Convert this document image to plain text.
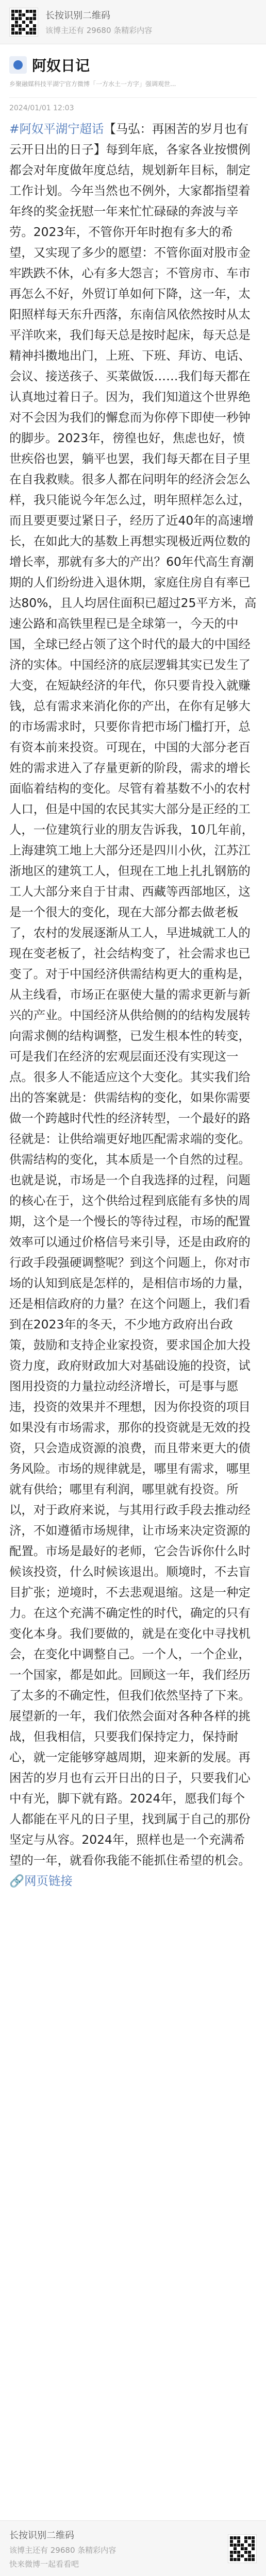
长按识别二维码
该博主还有 29680 条精彩内容
阿奴日记
乡聚融媒科技平湖宁官方微博「一方水土一方字」强调观世...
2024/01/01 12:03

#阿奴平湖宁超话【马弘：再困苦的岁月也有云开日出的日子】每到年底，各家各业按惯例都会对年度做年度总结，规划新年目标，制定工作计划。今年当然也不例外，大家都指望着年终的奖金抚慰一年来忙忙碌碌的奔波与辛劳。2023年，不管你开年时抱有多大的希望，又实现了多少的愿望：不管你面对股市金牢跌跌不休，心有多大怨言；不管房市、车市再怎么不好，外贸订单如何下降，这一年，太阳照样每天东升西落，东南信风依然按时从太平洋吹来，我们每天总是按时起床，每天总是精神抖擞地出门，上班、下班、拜访、电话、会议、接送孩子、买菜做饭……我们每天都在认真地过着日子。因为，我们知道这个世界绝对不会因为我们的懈怠而为你停下即使一秒钟的脚步。2023年，徬徨也好，焦虑也好，愤世疾俗也罢，躺平也罢，我们每天都在目子里在自我救赎。很多人都在问明年的经济会怎么样，我只能说今年怎么过，明年照样怎么过，而且要更要过紧日子，经历了近40年的高速增长，在如此大的基数上再想实现极近两位数的增长率，那就有多大的产出？60年代高生育潮期的人们纷纷进入退休期，家庭住房自有率已达80%，且人均居住面积已超过25平方米，高速公路和高铁里程已是全球第一，今天的中国，全球已经占领了这个时代的最大的中国经济的实体。中国经济的底层逻辑其实已发生了大变，在短缺经济的年代，你只要肯投入就赚钱，总有需求来消化你的产出，在你有足够大的市场需求时，只要你肯把市场门槛打开，总有资本前来投资。可现在，中国的大部分老百姓的需求进入了存量更新的阶段，需求的增长面临着结构的变化。尽管有着基数不小的农村人口，但是中国的农民其实大部分是正经的工人，一位建筑行业的朋友告诉我，10几年前，上海建筑工地上大部分还是四川小伙，江苏江浙地区的建筑工人，但现在工地上扎扎钢筋的工人大部分来自于甘肃、西藏等西部地区，这是一个很大的变化，现在大部分都去做老板了，农村的发展逐渐从工人，早进城就工人的现在变老板了，社会结构变了，社会需求也已变了。对于中国经济供需结构更大的重构是，从主线看，市场正在驱使大量的需求更新与新兴的产业。中国经济从供给侧的的结构发展转向需求侧的结构调整，已发生根本性的转变，可是我们在经济的宏观层面还没有实现这一点。很多人不能适应这个大变化。其实我们给出的答案就是：供需结构的变化，如果你需要做一个跨越时代性的经济转型，一个最好的路径就是：让供给端更好地匹配需求端的变化。供需结构的变化，其本质是一个自然的过程。也就是说，市场是一个自我选择的过程，问题的核心在于，这个供给过程到底能有多快的周期，这个是一个慢长的等待过程，市场的配置效率可以通过价格信号来引导，还是由政府的行政手段强硬调整呢？到这个问题上，你对市场的认知到底是怎样的，是相信市场的力量，还是相信政府的力量？在这个问题上，我们看到在2023年的冬天，不少地方政府出台政策，鼓励和支持企业家投资，要求国企加大投资力度，政府财政加大对基础设施的投资，试图用投资的力量拉动经济增长，可是事与愿违，投资的效果并不理想，因为你投资的项目如果没有市场需求，那你的投资就是无效的投资，只会造成资源的浪费，而且带来更大的债务风险。市场的规律就是，哪里有需求，哪里就有供给；哪里有利润，哪里就有投资。所以，对于政府来说，与其用行政手段去推动经济，不如遵循市场规律，让市场来决定资源的配置。市场是最好的老师，它会告诉你什么时候该投资，什么时候该退出。顺境时，不去盲目扩张；逆境时，不去悲观退缩。这是一种定力。在这个充满不确定性的时代，确定的只有变化本身。我们要做的，就是在变化中寻找机会，在变化中调整自己。一个人，一个企业，一个国家，都是如此。回顾这一年，我们经历了太多的不确定性，但我们依然坚持了下来。展望新的一年，我们依然会面对各种各样的挑战，但我相信，只要我们保持定力，保持耐心，就一定能够穿越周期，迎来新的发展。再困苦的岁月也有云开日出的日子，只要我们心中有光，脚下就有路。2024年，愿我们每个人都能在平凡的日子里，找到属于自己的那份坚定与从容。2024年，照样也是一个充满希望的一年，就看你我能不能抓住希望的机会。🔗网页链接

长按识别二维码
该博主还有 29680 条精彩内容
快来微博一起看看吧
